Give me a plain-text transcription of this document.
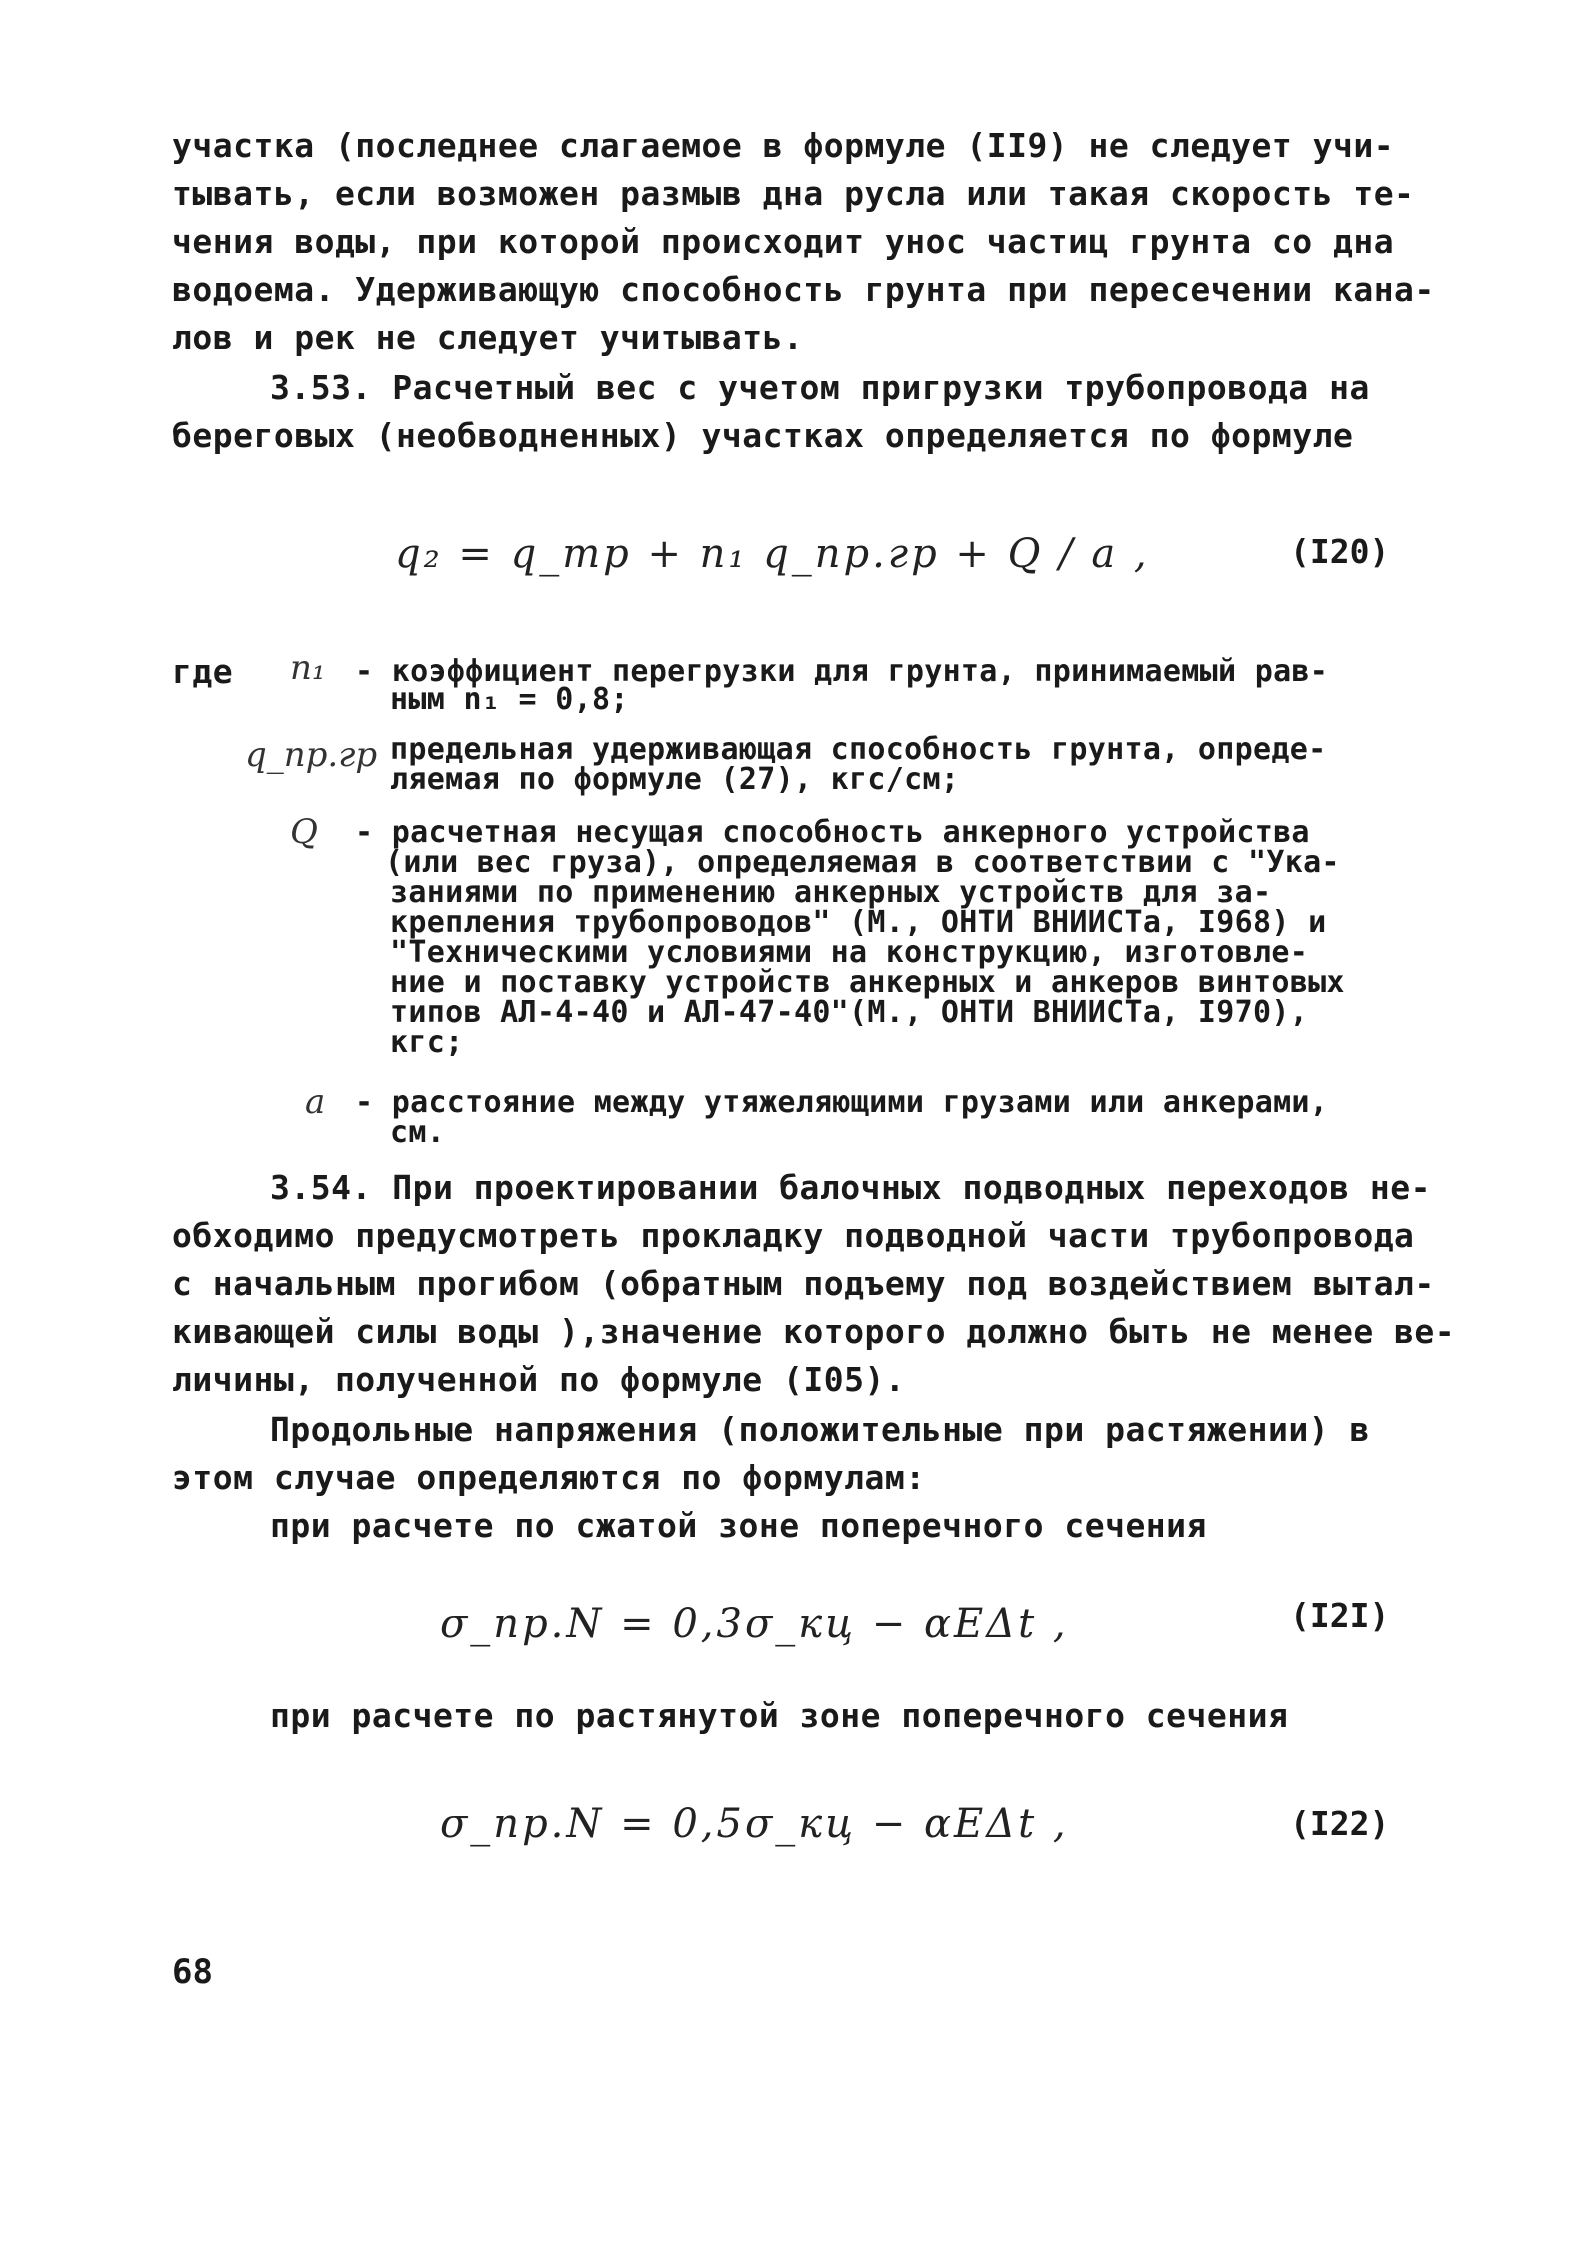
участка (последнее слагаемое в формуле (II9) не следует учи-
тывать, если возможен размыв дна русла или такая скорость те-
чения воды, при которой происходит унос частиц грунта со дна
водоема. Удерживающую способность грунта при пересечении кана-
лов и рек не следует учитывать.
3.53. Расчетный вес с учетом пригрузки трубопровода на
береговых (необводненных) участках определяется по формуле
q₂ = q_тр + n₁ q_пр.гр + Q / a ,	(I20)
где n₁ - коэффициент перегрузки для грунта, принимаемый рав-
ным n₁ = 0,8;
q_пр.гр предельная удерживающая способность грунта, опреде-
ляемая по формуле (27), кгс/см;
Q - расчетная несущая способность анкерного устройства
(или вес груза), определяемая в соответствии с "Ука-
заниями по применению анкерных устройств для за-
крепления трубопроводов" (М., ОНТИ ВНИИСТа, I968) и
"Техническими условиями на конструкцию, изготовле-
ние и поставку устройств анкерных и анкеров винтовых
типов АЛ-4-40 и АЛ-47-40"(М., ОНТИ ВНИИСТа, I970),
кгс;
a - расстояние между утяжеляющими грузами или анкерами,
см.
3.54. При проектировании балочных подводных переходов не-
обходимо предусмотреть прокладку подводной части трубопровода
с начальным прогибом (обратным подъему под воздействием вытал-
кивающей силы воды ),значение которого должно быть не менее ве-
личины, полученной по формуле (I05).
Продольные напряжения (положительные при растяжении) в
этом случае определяются по формулам:
при расчете по сжатой зоне поперечного сечения
σ_пр.N = 0,3σ_кц − αEΔt ,	(I2I)
при расчете по растянутой зоне поперечного сечения
σ_пр.N = 0,5σ_кц − αEΔt ,	(I22)
68
